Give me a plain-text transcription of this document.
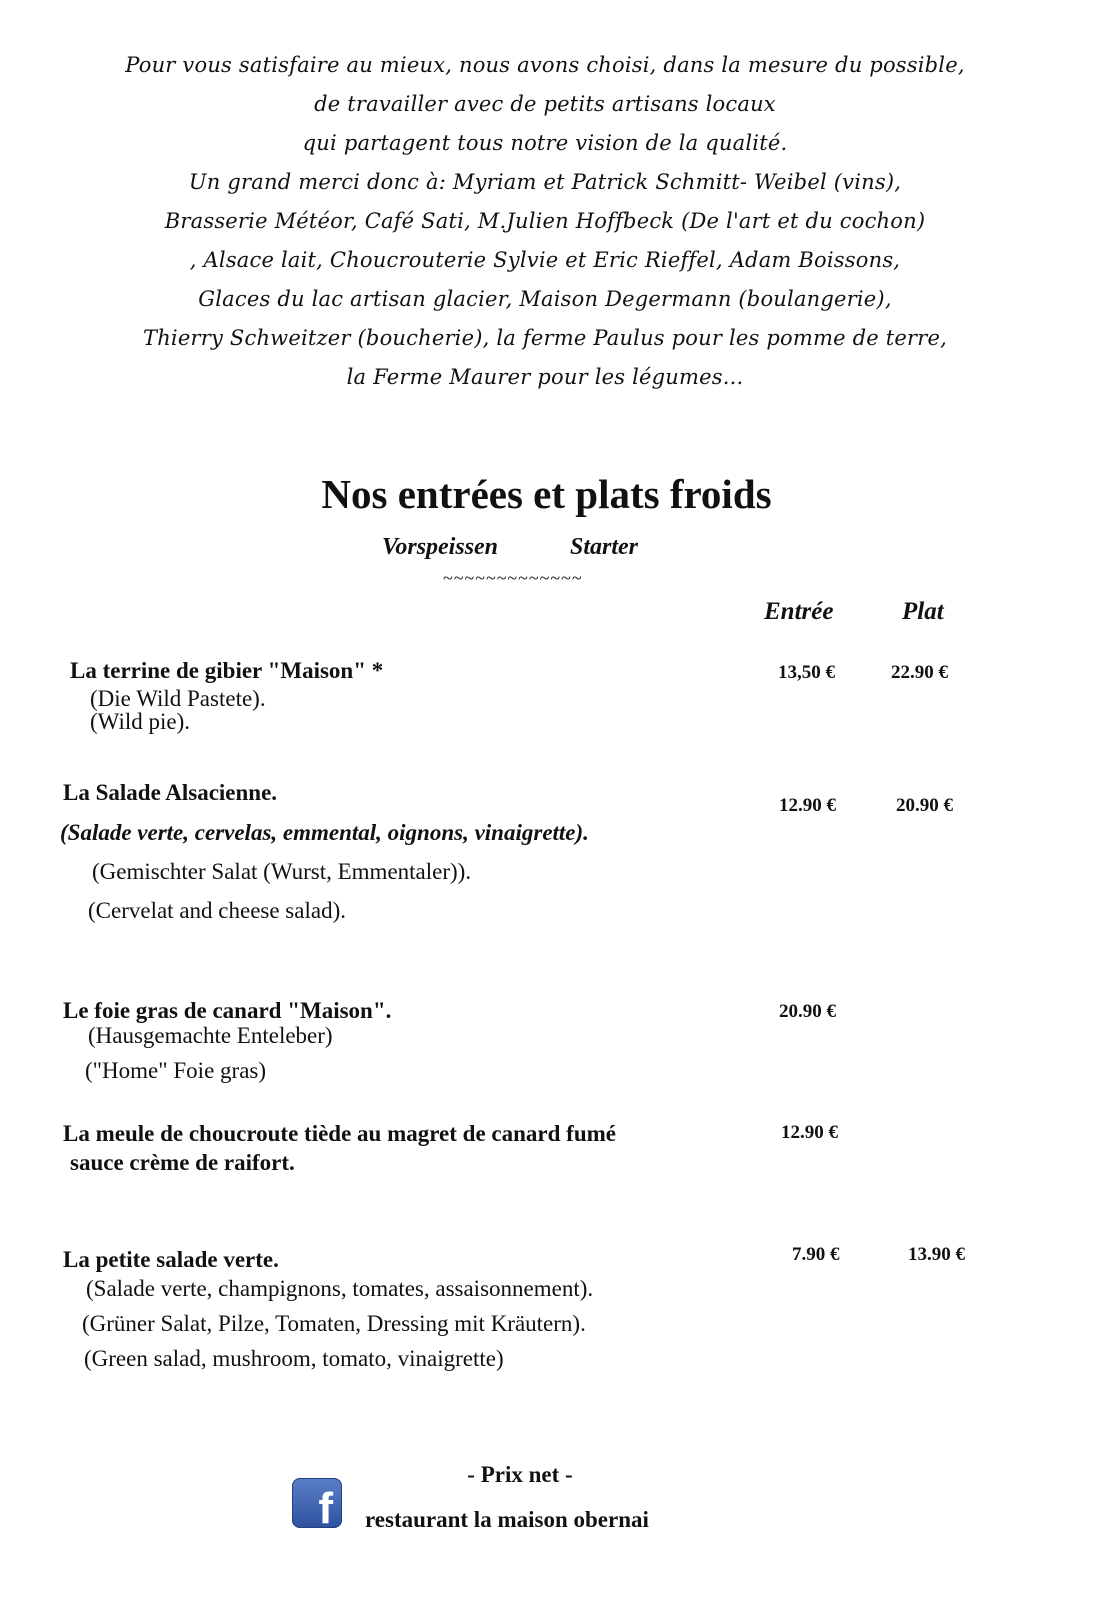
Pour vous satisfaire au mieux, nous avons choisi, dans la mesure du possible,
de travailler avec de petits artisans locaux
qui partagent tous notre vision de la qualité.
Un grand merci donc à: Myriam et Patrick Schmitt- Weibel (vins),
Brasserie Météor, Café Sati, M.Julien Hoffbeck (De l'art et du cochon)
, Alsace lait, Choucrouterie Sylvie et Eric Rieffel, Adam Boissons,
Glaces du lac artisan glacier, Maison Degermann (boulangerie),
Thierry Schweitzer (boucherie), la ferme Paulus pour les pomme de terre,
la Ferme Maurer pour les légumes...
Nos entrées et plats froids
Vorspeissen	Starter
~~~~~~~~~~~~~
Entrée	Plat
La terrine de gibier "Maison" *
(Die Wild Pastete).
(Wild pie).
13,50 €	22.90 €
La Salade Alsacienne.
(Salade verte, cervelas, emmental, oignons, vinaigrette).
(Gemischter Salat (Wurst, Emmentaler)).
(Cervelat and cheese salad).
12.90 €	20.90 €
Le foie gras de canard "Maison".
(Hausgemachte Enteleber)
("Home" Foie gras)
20.90 €
La meule de choucroute tiède au magret de canard fumé
sauce crème de raifort.
12.90 €
La petite salade verte.
(Salade verte, champignons, tomates, assaisonnement).
(Grüner Salat, Pilze, Tomaten, Dressing mit Kräutern).
(Green salad, mushroom, tomato, vinaigrette)
7.90 €	13.90 €
- Prix net -
f restaurant la maison obernai
